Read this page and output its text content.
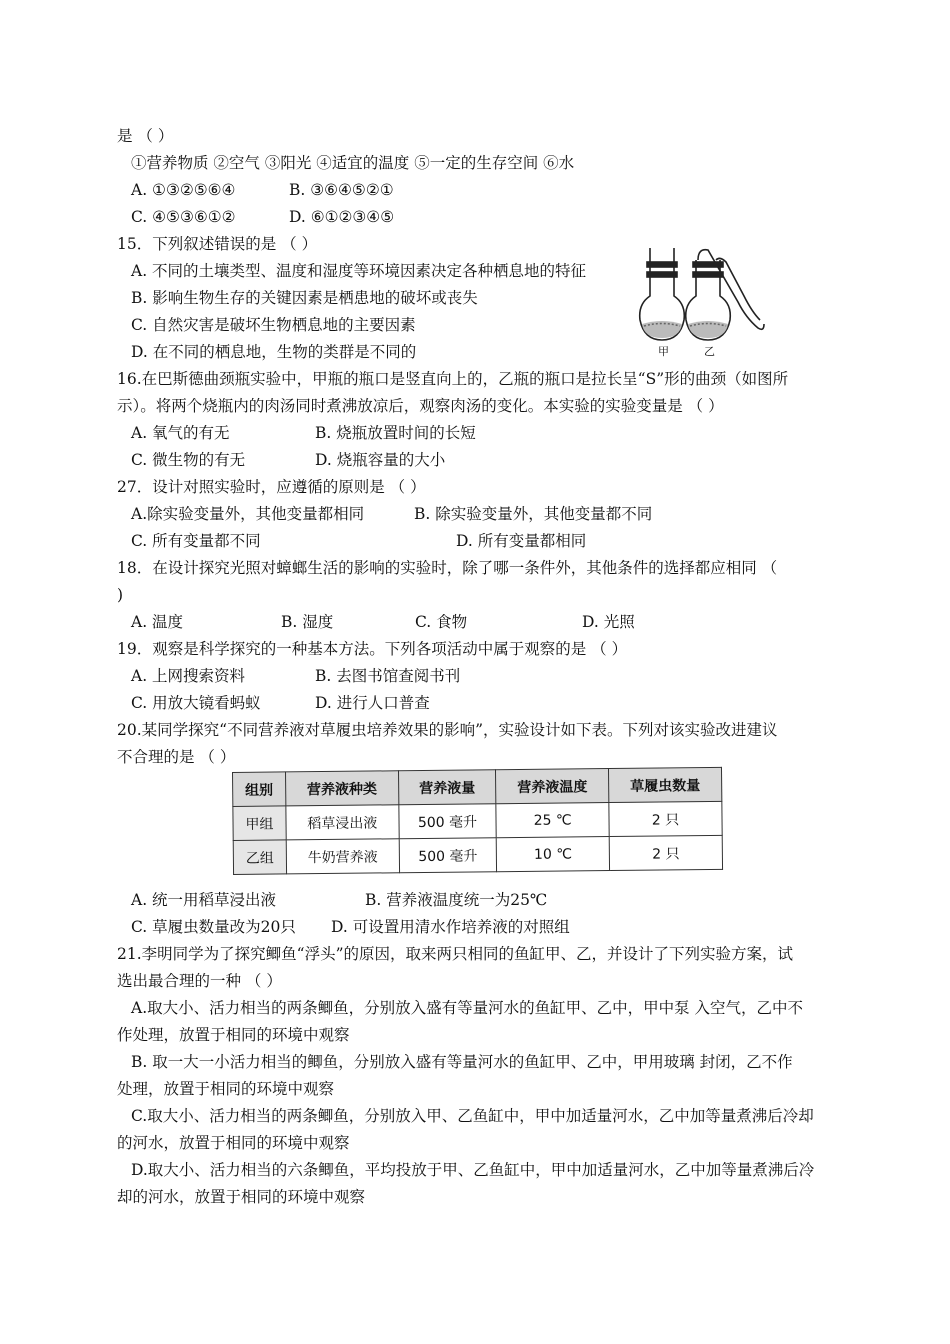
是 （ ）
①营养物质 ②空气 ③阳光 ④适宜的温度 ⑤一定的生存空间 ⑥水
A. ①③②⑤⑥④	B. ③⑥④⑤②①
C. ④⑤③⑥①②	D. ⑥①②③④⑤
15．下列叙述错误的是 （ ）
A. 不同的土壤类型、温度和湿度等环境因素决定各种栖息地的特征
B. 影响生物生存的关键因素是栖患地的破坏或丧失
C. 自然灾害是破坏生物栖息地的主要因素
D. 在不同的栖息地，生物的类群是不同的	甲	乙
16.在巴斯德曲颈瓶实验中，甲瓶的瓶口是竖直向上的，乙瓶的瓶口是拉长呈“S”形的曲颈（如图所
示）。将两个烧瓶内的肉汤同时煮沸放凉后，观察肉汤的变化。本实验的实验变量是 （ ）
A. 氧气的有无	B. 烧瓶放置时间的长短
C. 微生物的有无	D. 烧瓶容量的大小
27．设计对照实验时，应遵循的原则是 （ ）
A.除实验变量外，其他变量都相同	B. 除实验变量外，其他变量都不同
C. 所有变量都不同	D. 所有变量都相同
18．在设计探究光照对蟑螂生活的影响的实验时，除了哪一条件外，其他条件的选择都应相同 （
)
A. 温度	B. 湿度	C. 食物	D. 光照
19．观察是科学探究的一种基本方法。下列各项活动中属于观察的是 （ ）
A. 上网搜索资料	B. 去图书馆查阅书刊
C. 用放大镜看蚂蚁	D. 进行人口普查
20.某同学探究“不同营养液对草履虫培养效果的影响”，实验设计如下表。下列对该实验改进建议
不合理的是 （ ）
组别	营养液种类	营养液量	营养液温度	草履虫数量
甲组	稻草浸出液	500 毫升	25 ℃	2 只
乙组	牛奶营养液	500 毫升	10 ℃	2 只
A. 统一用稻草浸出液	B. 营养液温度统一为25℃
C. 草履虫数量改为20只 D. 可设置用清水作培养液的对照组
21.李明同学为了探究鲫鱼“浮头”的原因，取来两只相同的鱼缸甲、乙，并设计了下列实验方案，试
选出最合理的一种 （ ）
A.取大小、活力相当的两条鲫鱼，分别放入盛有等量河水的鱼缸甲、乙中，甲中泵 入空气，乙中不
作处理，放置于相同的环境中观察
B. 取一大一小活力相当的鲫鱼，分别放入盛有等量河水的鱼缸甲、乙中，甲用玻璃 封闭，乙不作
处理，放置于相同的环境中观察
C.取大小、活力相当的两条鲫鱼，分别放入甲、乙鱼缸中，甲中加适量河水，乙中加等量煮沸后冷却
的河水，放置于相同的环境中观察
D.取大小、活力相当的六条鲫鱼，平均投放于甲、乙鱼缸中，甲中加适量河水，乙中加等量煮沸后冷
却的河水，放置于相同的环境中观察
